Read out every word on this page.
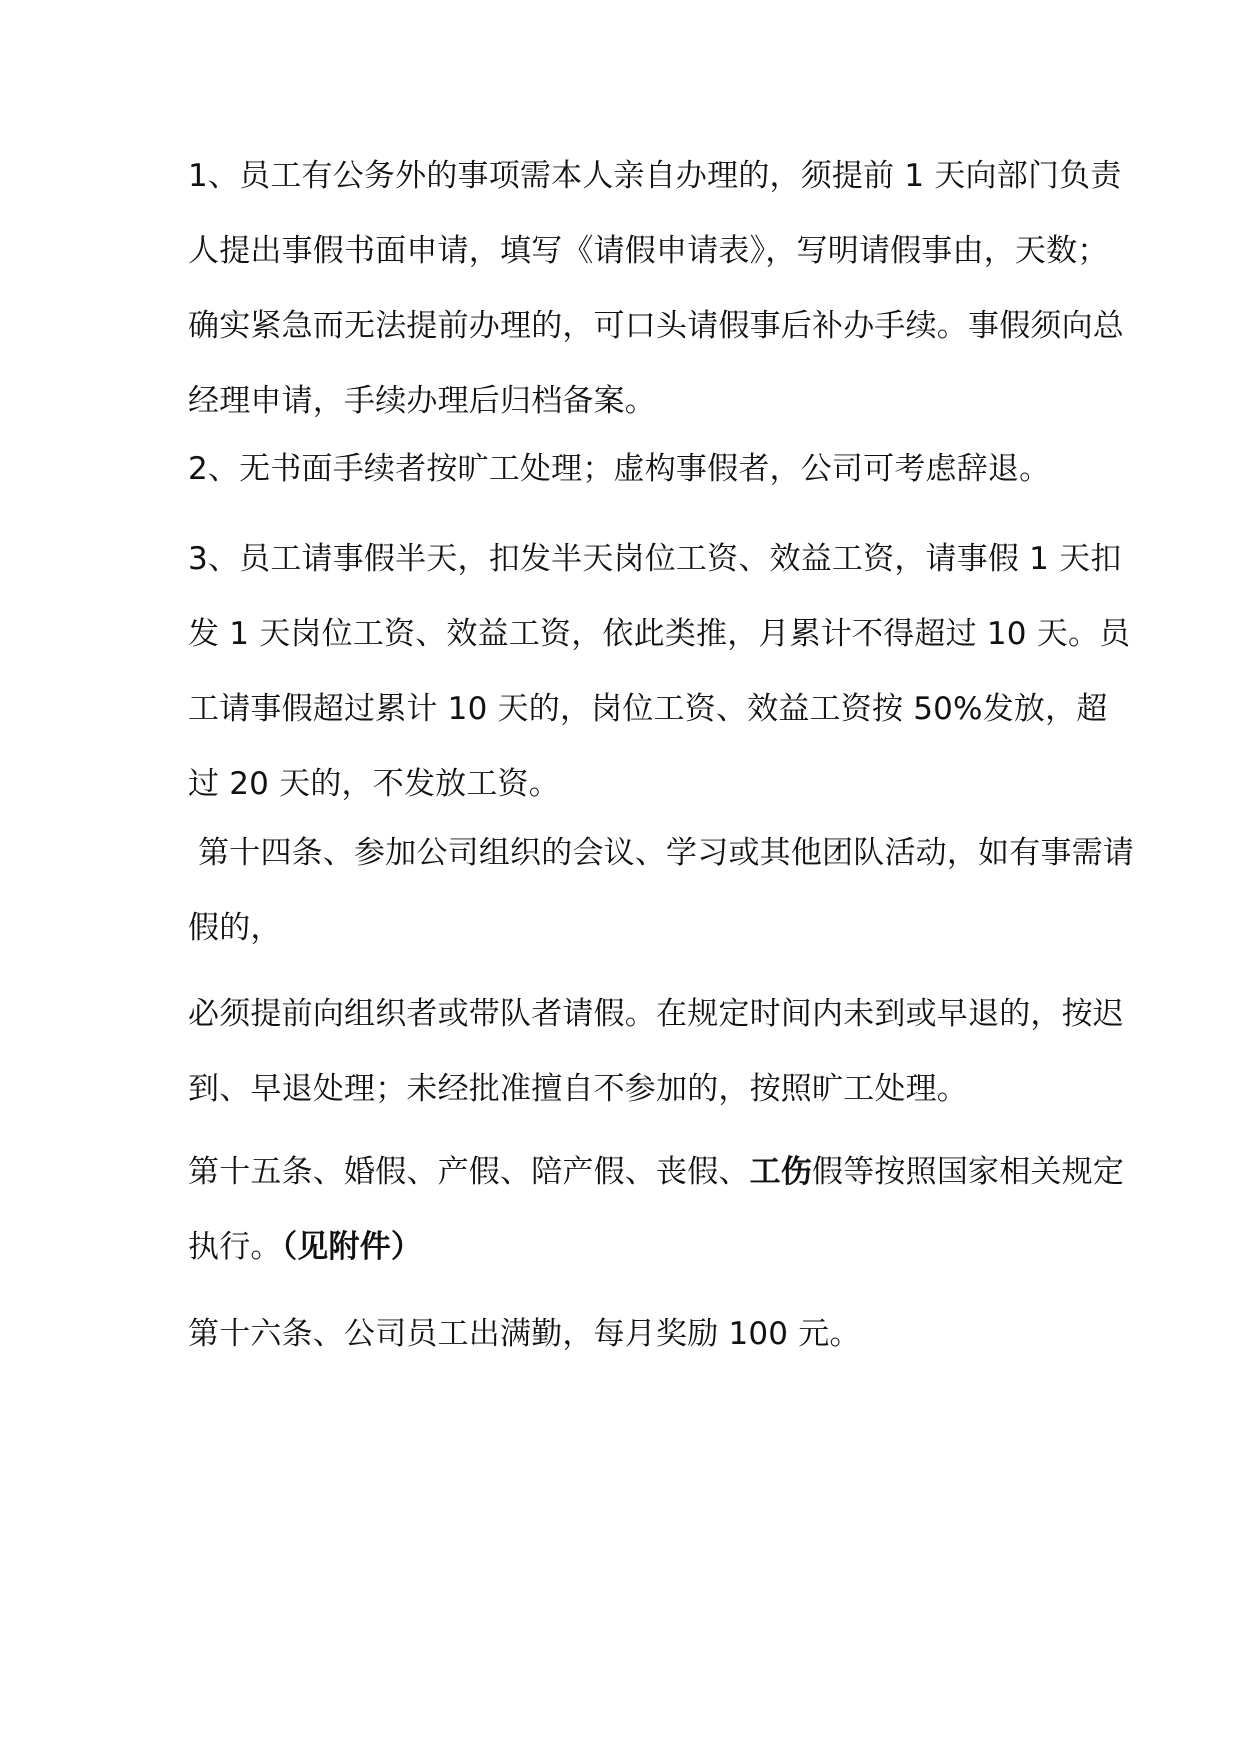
1、员工有公务外的事项需本人亲自办理的，须提前 1 天向部门负责人提出事假书面申请，填写《请假申请表》，写明请假事由，天数；确实紧急而无法提前办理的，可口头请假事后补办手续。事假须向总经理申请，手续办理后归档备案。

2、无书面手续者按旷工处理；虚构事假者，公司可考虑辞退。

3、员工请事假半天，扣发半天岗位工资、效益工资，请事假 1 天扣发 1 天岗位工资、效益工资，依此类推，月累计不得超过 10 天。员工请事假超过累计 10 天的，岗位工资、效益工资按 50%发放，超过 20 天的，不发放工资。

第十四条、参加公司组织的会议、学习或其他团队活动，如有事需请假的，

必须提前向组织者或带队者请假。在规定时间内未到或早退的，按迟到、早退处理；未经批准擅自不参加的，按照旷工处理。

第十五条、婚假、产假、陪产假、丧假、工伤假等按照国家相关规定执行。（见附件）

第十六条、公司员工出满勤，每月奖励 100 元。
